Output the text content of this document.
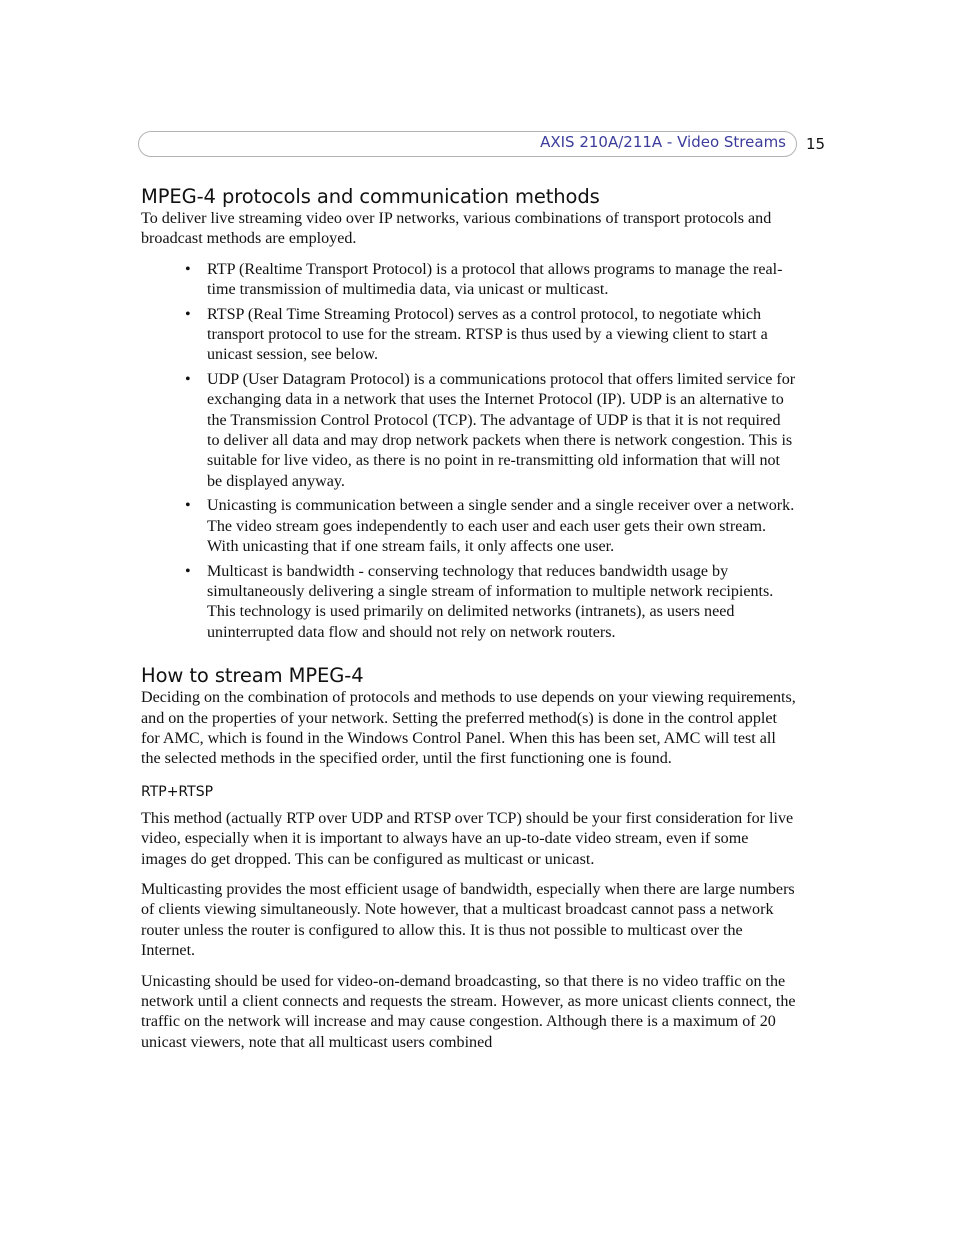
AXIS 210A/211A - Video Streams 15
MPEG-4 protocols and communication methods

To deliver live streaming video over IP networks, various combinations of transport protocols and broadcast methods are employed.

• RTP (Realtime Transport Protocol) is a protocol that allows programs to manage the real-time transmission of multimedia data, via unicast or multicast.
• RTSP (Real Time Streaming Protocol) serves as a control protocol, to negotiate which transport protocol to use for the stream. RTSP is thus used by a viewing client to start a unicast session, see below.
• UDP (User Datagram Protocol) is a communications protocol that offers limited service for exchanging data in a network that uses the Internet Protocol (IP). UDP is an alternative to the Transmission Control Protocol (TCP). The advantage of UDP is that it is not required to deliver all data and may drop network packets when there is network congestion. This is suitable for live video, as there is no point in re-transmitting old information that will not be displayed anyway.
• Unicasting is communication between a single sender and a single receiver over a network. The video stream goes independently to each user and each user gets their own stream. With unicasting that if one stream fails, it only affects one user.
• Multicast is bandwidth - conserving technology that reduces bandwidth usage by simultaneously delivering a single stream of information to multiple network recipients. This technology is used primarily on delimited networks (intranets), as users need uninterrupted data flow and should not rely on network routers.
How to stream MPEG-4

Deciding on the combination of protocols and methods to use depends on your viewing requirements, and on the properties of your network. Setting the preferred method(s) is done in the control applet for AMC, which is found in the Windows Control Panel. When this has been set, AMC will test all the selected methods in the specified order, until the first functioning one is found.

RTP+RTSP

This method (actually RTP over UDP and RTSP over TCP) should be your first consideration for live video, especially when it is important to always have an up-to-date video stream, even if some images do get dropped. This can be configured as multicast or unicast.

Multicasting provides the most efficient usage of bandwidth, especially when there are large numbers of clients viewing simultaneously. Note however, that a multicast broadcast cannot pass a network router unless the router is configured to allow this. It is thus not possible to multicast over the Internet.

Unicasting should be used for video-on-demand broadcasting, so that there is no video traffic on the network until a client connects and requests the stream. However, as more unicast clients connect, the traffic on the network will increase and may cause congestion. Although there is a maximum of 20 unicast viewers, note that all multicast users combined
